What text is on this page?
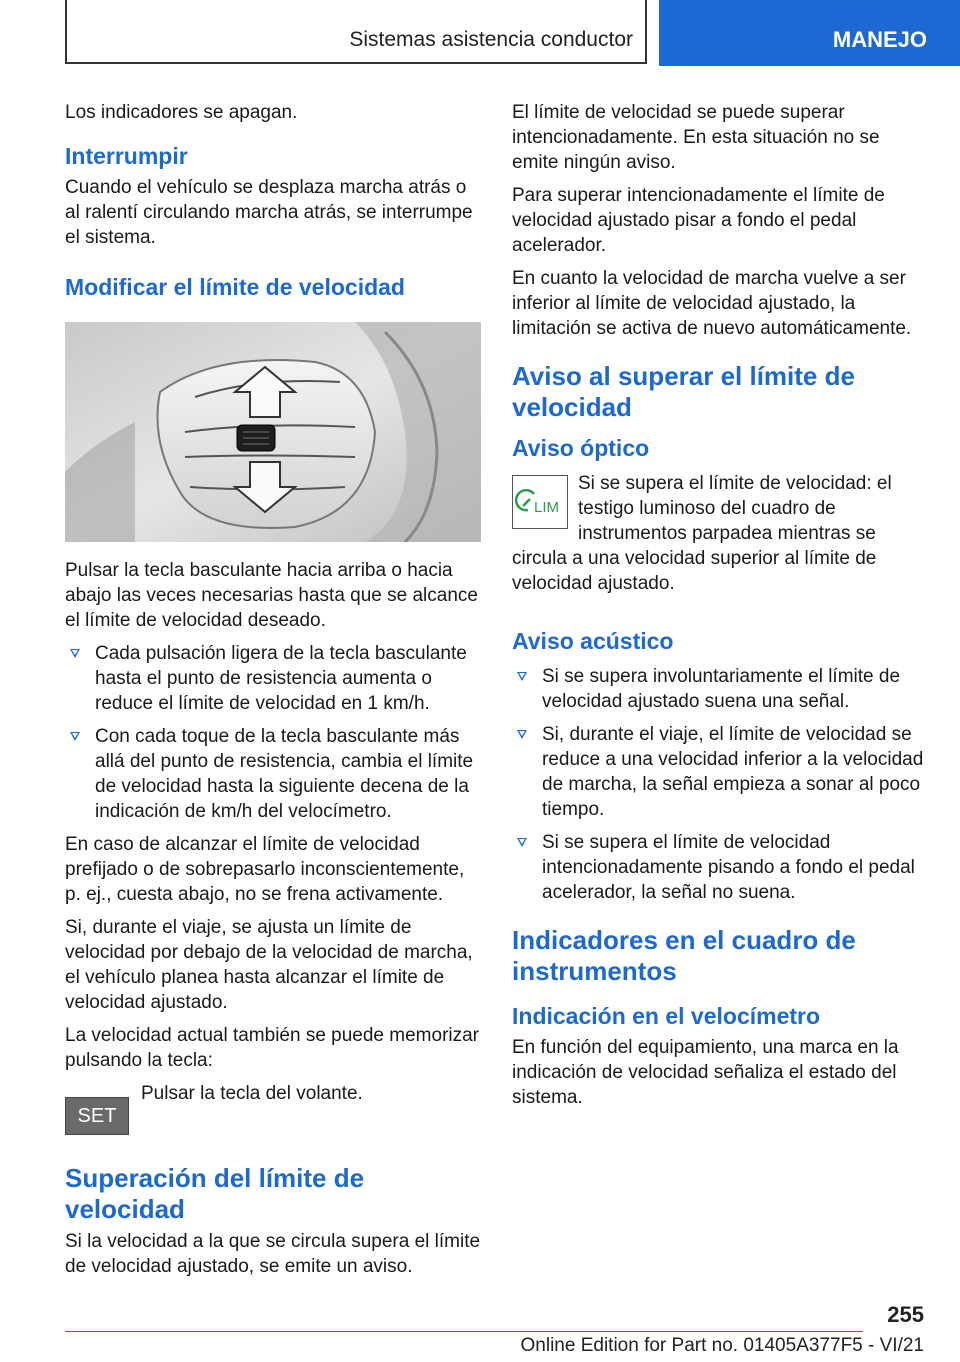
Sistemas asistencia conductor	MANEJO

Los indicadores se apagan.

Interrumpir

Cuando el vehículo se desplaza marcha atrás o al ralentí circulando marcha atrás, se interrumpe el sistema.

Modificar el límite de velocidad

Pulsar la tecla basculante hacia arriba o hacia abajo las veces necesarias hasta que se alcance el límite de velocidad deseado.

Cada pulsación ligera de la tecla basculante hasta el punto de resistencia aumenta o reduce el límite de velocidad en 1 km/h.
Con cada toque de la tecla basculante más allá del punto de resistencia, cambia el límite de velocidad hasta la siguiente decena de la indicación de km/h del velocímetro.

En caso de alcanzar el límite de velocidad prefijado o de sobrepasarlo inconscientemente, p. ej., cuesta abajo, no se frena activamente.

Si, durante el viaje, se ajusta un límite de velocidad por debajo de la velocidad de marcha, el vehículo planea hasta alcanzar el límite de velocidad ajustado.

La velocidad actual también se puede memorizar pulsando la tecla:

SET

Pulsar la tecla del volante.

Superación del límite de velocidad

Si la velocidad a la que se circula supera el límite de velocidad ajustado, se emite un aviso.

El límite de velocidad se puede superar intencionadamente. En esta situación no se emite ningún aviso.

Para superar intencionadamente el límite de velocidad ajustado pisar a fondo el pedal acelerador.

En cuanto la velocidad de marcha vuelve a ser inferior al límite de velocidad ajustado, la limitación se activa de nuevo automáticamente.

Aviso al superar el límite de velocidad
Aviso óptico
LIM

Si se supera el límite de velocidad: el testigo luminoso del cuadro de instrumentos parpadea mientras se circula a una velocidad superior al límite de velocidad ajustado.

Aviso acústico
Si se supera involuntariamente el límite de velocidad ajustado suena una señal.
Si, durante el viaje, el límite de velocidad se reduce a una velocidad inferior a la velocidad de marcha, la señal empieza a sonar al poco tiempo.
Si se supera el límite de velocidad intencionadamente pisando a fondo el pedal acelerador, la señal no suena.
Indicadores en el cuadro de instrumentos
Indicación en el velocímetro

En función del equipamiento, una marca en la indicación de velocidad señaliza el estado del sistema.

255
Online Edition for Part no. 01405A377F5 - VI/21
